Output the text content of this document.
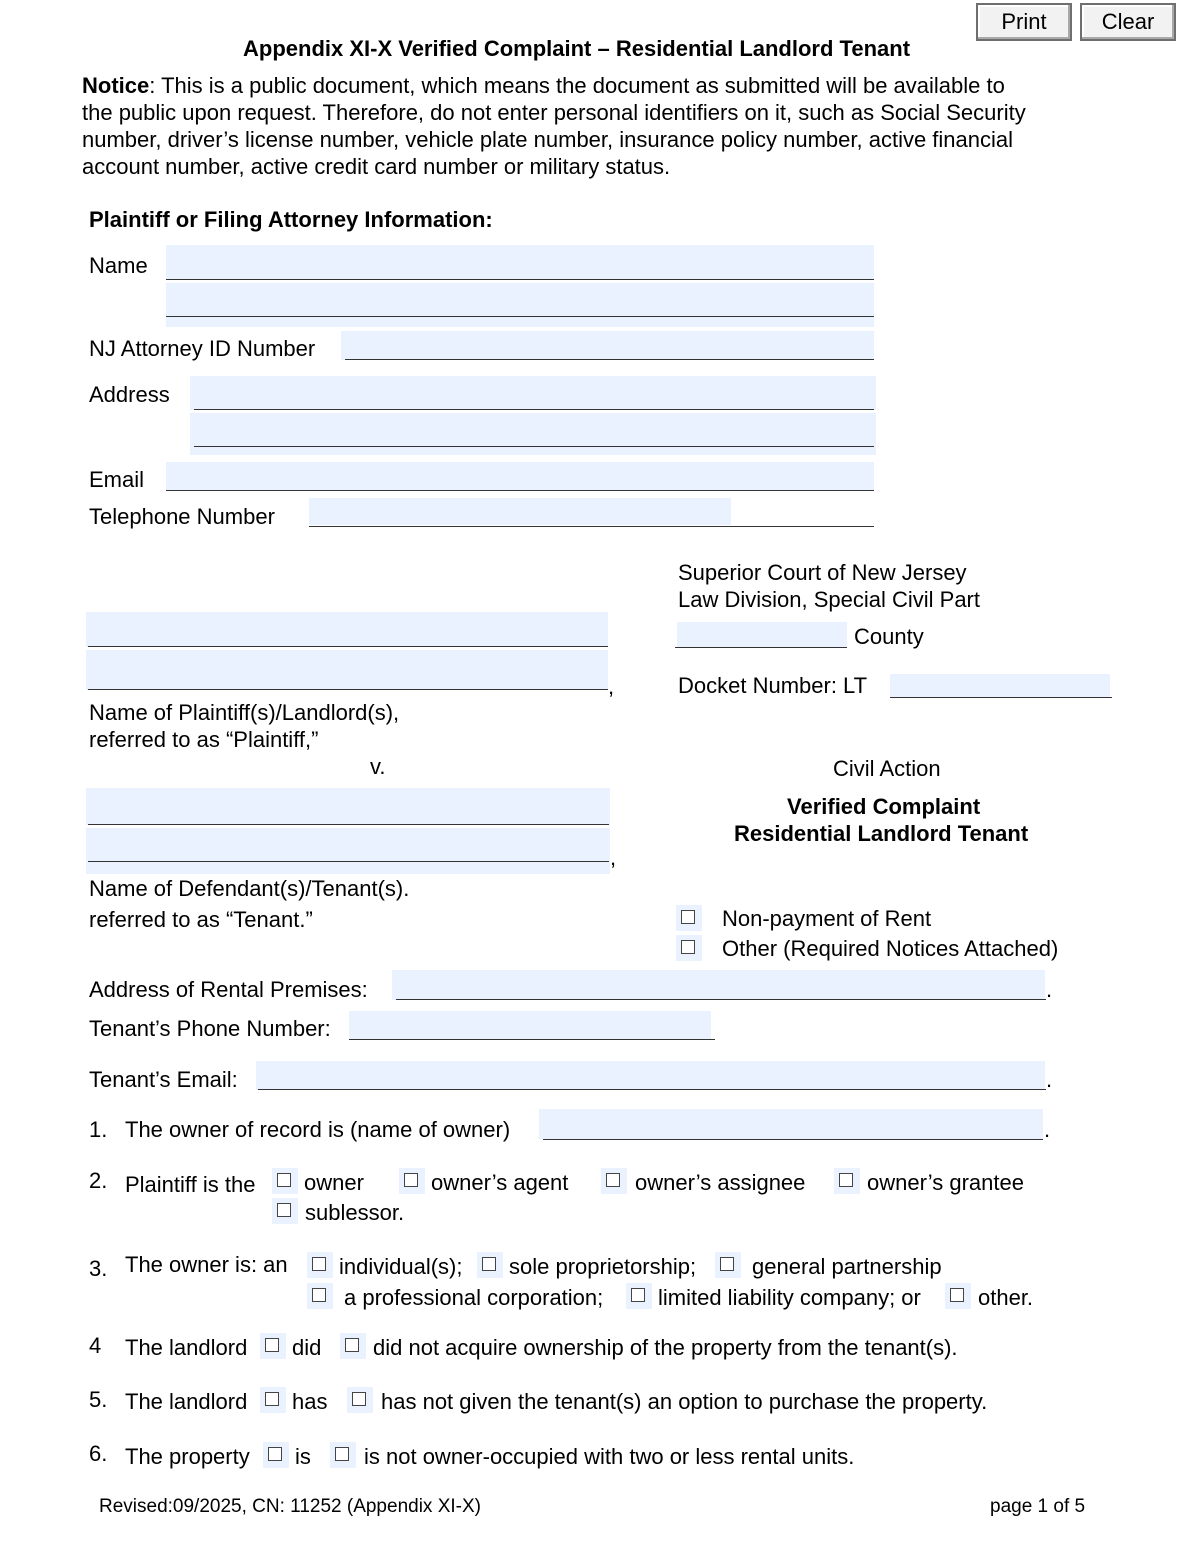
Print	Clear
Appendix XI-X Verified Complaint – Residential Landlord Tenant
Notice: This is a public document, which means the document as submitted will be available to
the public upon request. Therefore, do not enter personal identifiers on it, such as Social Security
number, driver’s license number, vehicle plate number, insurance policy number, active financial
account number, active credit card number or military status.
Plaintiff or Filing Attorney Information:
Name
NJ Attorney ID Number
Address
Email
Telephone Number
Superior Court of New Jersey
Law Division, Special Civil Part
County
Docket Number: LT
,
Name of Plaintiff(s)/Landlord(s),
referred to as “Plaintiff,”
v.
,
Name of Defendant(s)/Tenant(s).
referred to as “Tenant.”
Civil Action
Verified Complaint
Residential Landlord Tenant
Non-payment of Rent
Other (Required Notices Attached)
Address of Rental Premises:	.
Tenant’s Phone Number:
Tenant’s Email:	.
1. The owner of record is (name of owner)	.
2. Plaintiff is the owner	owner’s agent	owner’s assignee	owner’s grantee
sublessor.
3. The owner is: an individual(s); sole proprietorship;	general partnership
a professional corporation; limited liability company; or	other.
4 The landlord did did not acquire ownership of the property from the tenant(s).
5. The landlord has has not given the tenant(s) an option to purchase the property.
6. The property is is not owner-occupied with two or less rental units.
Revised:09/2025, CN: 11252 (Appendix XI-X)	page 1 of 5
